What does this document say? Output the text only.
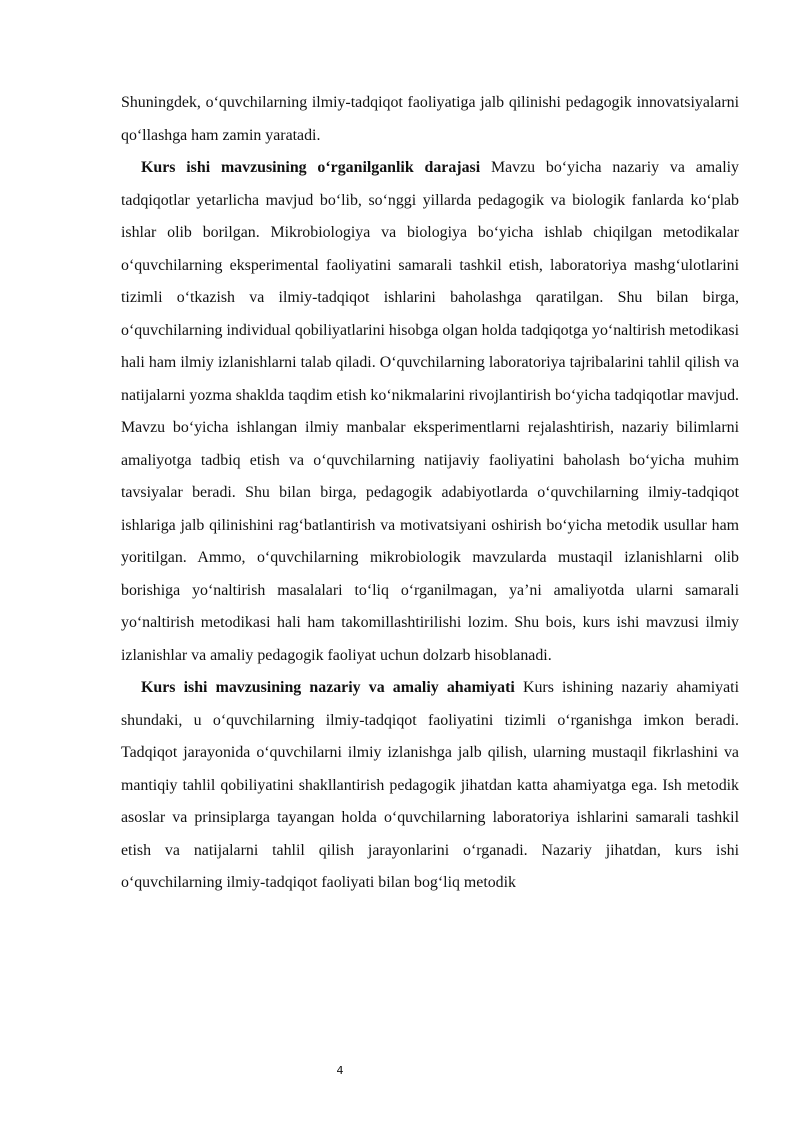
Shuningdek, o‘quvchilarning ilmiy-tadqiqot faoliyatiga jalb qilinishi pedagogik innovatsiyalarni qo‘llashga ham zamin yaratadi.

Kurs ishi mavzusining o‘rganilganlik darajasi Mavzu bo‘yicha nazariy va amaliy tadqiqotlar yetarlicha mavjud bo‘lib, so‘nggi yillarda pedagogik va biologik fanlarda ko‘plab ishlar olib borilgan. Mikrobiologiya va biologiya bo‘yicha ishlab chiqilgan metodikalar o‘quvchilarning eksperimental faoliyatini samarali tashkil etish, laboratoriya mashg‘ulotlarini tizimli o‘tkazish va ilmiy-tadqiqot ishlarini baholashga qaratilgan. Shu bilan birga, o‘quvchilarning individual qobiliyatlarini hisobga olgan holda tadqiqotga yo‘naltirish metodikasi hali ham ilmiy izlanishlarni talab qiladi. O‘quvchilarning laboratoriya tajribalarini tahlil qilish va natijalarni yozma shaklda taqdim etish ko‘nikmalarini rivojlantirish bo‘yicha tadqiqotlar mavjud. Mavzu bo‘yicha ishlangan ilmiy manbalar eksperimentlarni rejalashtirish, nazariy bilimlarni amaliyotga tadbiq etish va o‘quvchilarning natijaviy faoliyatini baholash bo‘yicha muhim tavsiyalar beradi. Shu bilan birga, pedagogik adabiyotlarda o‘quvchilarning ilmiy-tadqiqot ishlariga jalb qilinishini rag‘batlantirish va motivatsiyani oshirish bo‘yicha metodik usullar ham yoritilgan. Ammo, o‘quvchilarning mikrobiologik mavzularda mustaqil izlanishlarni olib borishiga yo‘naltirish masalalari to‘liq o‘rganilmagan, ya’ni amaliyotda ularni samarali yo‘naltirish metodikasi hali ham takomillashtirilishi lozim. Shu bois, kurs ishi mavzusi ilmiy izlanishlar va amaliy pedagogik faoliyat uchun dolzarb hisoblanadi.

Kurs ishi mavzusining nazariy va amaliy ahamiyati Kurs ishining nazariy ahamiyati shundaki, u o‘quvchilarning ilmiy-tadqiqot faoliyatini tizimli o‘rganishga imkon beradi. Tadqiqot jarayonida o‘quvchilarni ilmiy izlanishga jalb qilish, ularning mustaqil fikrlashini va mantiqiy tahlil qobiliyatini shakllantirish pedagogik jihatdan katta ahamiyatga ega. Ish metodik asoslar va prinsiplarga tayangan holda o‘quvchilarning laboratoriya ishlarini samarali tashkil etish va natijalarni tahlil qilish jarayonlarini o‘rganadi. Nazariy jihatdan, kurs ishi o‘quvchilarning ilmiy-tadqiqot faoliyati bilan bog‘liq metodik

4
